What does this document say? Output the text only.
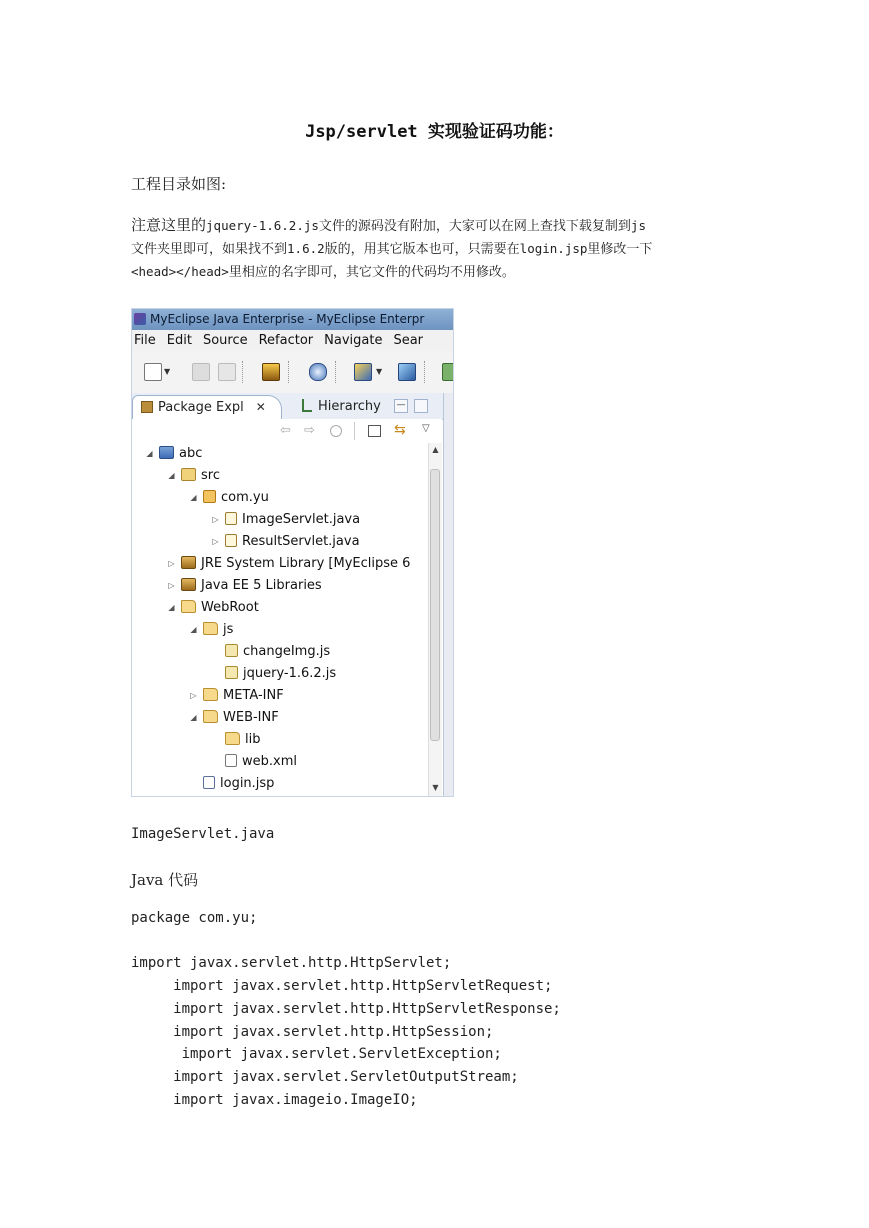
Jsp/servlet 实现验证码功能：
工程目录如图:
注意这里的jquery-1.6.2.js文件的源码没有附加，大家可以在网上查找下载复制到js
文件夹里即可，如果找不到1.6.2版的，用其它版本也可，只需要在login.jsp里修改一下
<head></head>里相应的名字即可，其它文件的代码均不用修改。
MyEclipse Java Enterprise - MyEclipse Enterpr
File Edit Source Refactor Navigate Sear
▼	▼
Package Expl ✕	Hierarchy	—
⇦ ⇨	⇆ ▽
◢ abc
◢ src
◢ com.yu
▷ ImageServlet.java
▷ ResultServlet.java
▷ JRE System Library [MyEclipse 6
▷ Java EE 5 Libraries
◢ WebRoot
◢ js
changeImg.js
jquery-1.6.2.js
▷ META-INF
◢ WEB-INF
lib
web.xml
login.jsp
▲
▼
ImageServlet.java
Java 代码
package com.yu;
import javax.servlet.http.HttpServlet;
import javax.servlet.http.HttpServletRequest;
import javax.servlet.http.HttpServletResponse;
import javax.servlet.http.HttpSession;
import javax.servlet.ServletException;
import javax.servlet.ServletOutputStream;
import javax.imageio.ImageIO;
